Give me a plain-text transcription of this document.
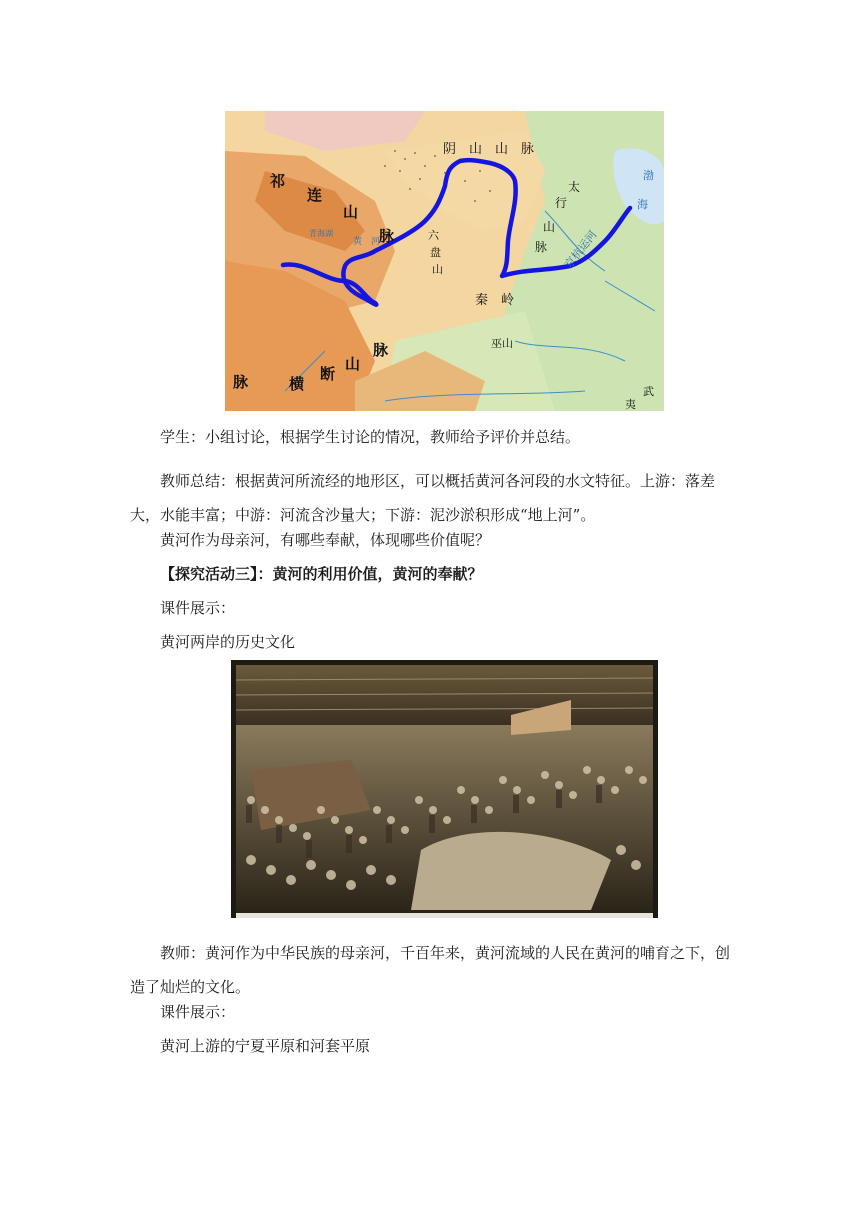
阴　山　山　脉
祁
连
山
脉
太
行
山
脉
六
盘
山
秦　岭
脉	横
断
山
脉	巫山
渤
海
青海湖
黄　河	京杭运河
武
夷

学生：小组讨论，根据学生讨论的情况，教师给予评价并总结。

教师总结：根据黄河所流经的地形区，可以概括黄河各河段的水文特征。上游：落差大，水能丰富；中游：河流含沙量大；下游：泥沙淤积形成“地上河”。

黄河作为母亲河，有哪些奉献，体现哪些价值呢？

【探究活动三】：黄河的利用价值，黄河的奉献？

课件展示：

黄河两岸的历史文化

教师：黄河作为中华民族的母亲河，千百年来，黄河流域的人民在黄河的哺育之下，创造了灿烂的文化。

课件展示：

黄河上游的宁夏平原和河套平原
